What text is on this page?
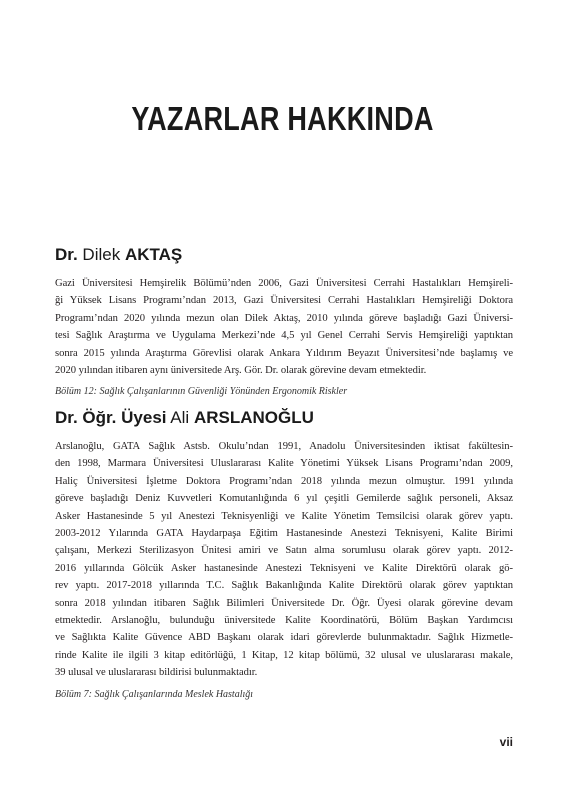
YAZARLAR HAKKINDA
Dr. Dilek AKTAŞ

Gazi Üniversitesi Hemşirelik Bölümü’nden 2006, Gazi Üniversitesi Cerrahi Hastalıkları Hemşireli-

ği Yüksek Lisans Programı’ndan 2013, Gazi Üniversitesi Cerrahi Hastalıkları Hemşireliği Doktora

Programı’ndan 2020 yılında mezun olan Dilek Aktaş, 2010 yılında göreve başladığı Gazi Üniversi-

tesi Sağlık Araştırma ve Uygulama Merkezi’nde 4,5 yıl Genel Cerrahi Servis Hemşireliği yaptıktan

sonra 2015 yılında Araştırma Görevlisi olarak Ankara Yıldırım Beyazıt Üniversitesi’nde başlamış ve

2020 yılından itibaren aynı üniversitede Arş. Gör. Dr. olarak görevine devam etmektedir.

Bölüm 12: Sağlık Çalışanlarının Güvenliği Yönünden Ergonomik Riskler
Dr. Öğr. Üyesi Ali ARSLANOĞLU

Arslanoğlu, GATA Sağlık Astsb. Okulu’ndan 1991, Anadolu Üniversitesinden iktisat fakültesin-

den 1998, Marmara Üniversitesi Uluslararası Kalite Yönetimi Yüksek Lisans Programı’ndan 2009,

Haliç Üniversitesi İşletme Doktora Programı’ndan 2018 yılında mezun olmuştur. 1991 yılında

göreve başladığı Deniz Kuvvetleri Komutanlığında 6 yıl çeşitli Gemilerde sağlık personeli, Aksaz

Asker Hastanesinde 5 yıl Anestezi Teknisyenliği ve Kalite Yönetim Temsilcisi olarak görev yaptı.

2003-2012 Yılarında GATA Haydarpaşa Eğitim Hastanesinde Anestezi Teknisyeni, Kalite Birimi

çalışanı, Merkezi Sterilizasyon Ünitesi amiri ve Satın alma sorumlusu olarak görev yaptı. 2012-

2016 yıllarında Gölcük Asker hastanesinde Anestezi Teknisyeni ve Kalite Direktörü olarak gö-

rev yaptı. 2017-2018 yıllarında T.C. Sağlık Bakanlığında Kalite Direktörü olarak görev yaptıktan

sonra 2018 yılından itibaren Sağlık Bilimleri Üniversitede Dr. Öğr. Üyesi olarak görevine devam

etmektedir. Arslanoğlu, bulunduğu üniversitede Kalite Koordinatörü, Bölüm Başkan Yardımcısı

ve Sağlıkta Kalite Güvence ABD Başkanı olarak idari görevlerde bulunmaktadır. Sağlık Hizmetle-

rinde Kalite ile ilgili 3 kitap editörlüğü, 1 Kitap, 12 kitap bölümü, 32 ulusal ve uluslararası makale,

39 ulusal ve uluslararası bildirisi bulunmaktadır.

Bölüm 7: Sağlık Çalışanlarında Meslek Hastalığı
vii
